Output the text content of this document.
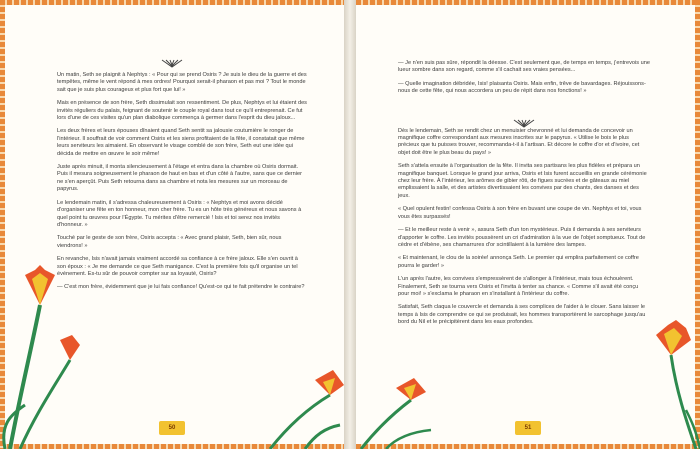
Un matin, Seth se plaignit à Nephtys : « Pour qui se prend Osiris ? Je suis le dieu de la guerre et des tempêtes, même le vent répond à mes ordres! Pourquoi serait-il pharaon et pas moi ? Tout le monde sait que je suis plus courageux et plus fort que lui! »

Mais en présence de son frère, Seth dissimulait son ressentiment. De plus, Nephtys et lui étaient des invités réguliers du palais, feignant de soutenir le couple royal dans tout ce qu'il entreprenait. Ce fut lors d'une de ces visites qu'un plan diabolique commença à germer dans l'esprit du dieu jaloux...

Les deux frères et leurs épouses dînaient quand Seth sentit sa jalousie coutumière le ronger de l'intérieur. Il souffrait de voir comment Osiris et les siens profitaient de la fête, il constatait que même leurs serviteurs les aimaient. En observant le visage comblé de son frère, Seth eut une idée qui décida de mettre en œuvre le soir même!

Juste après minuit, il monta silencieusement à l'étage et entra dans la chambre où Osiris dormait. Puis il mesura soigneusement le pharaon de haut en bas et d'un côté à l'autre, sans que ce dernier ne s'en aperçût. Puis Seth retourna dans sa chambre et nota les mesures sur un morceau de papyrus.

Le lendemain matin, il s'adressa chaleureusement à Osiris : « Nephtys et moi avons décidé d'organiser une fête en ton honneur, mon cher frère. Tu es un hôte très généreux et nous savons à quel point tu œuvres pour l'Égypte. Tu mérites d'être remercié ! Isis et toi serez nos invités d'honneur. »

Touché par le geste de son frère, Osiris accepta : « Avec grand plaisir, Seth, bien sûr, nous viendrons! »

En revanche, Isis n'avait jamais vraiment accordé sa confiance à ce frère jaloux. Elle s'en ouvrit à son époux : « Je me demande ce que Seth manigance. C'est la première fois qu'il organise un tel événement. Es-tu sûr de pouvoir compter sur sa loyauté, Osiris?

— C'est mon frère, évidemment que je lui fais confiance! Qu'est-ce qui te fait prétendre le contraire?

50

— Je n'en suis pas sûre, répondit la déesse. C'est seulement que, de temps en temps, j'entrevois une lueur sombre dans son regard, comme s'il cachait ses vraies pensées...

— Quelle imagination débridée, Isis! plaisanta Osiris. Mais enfin, trêve de bavardages. Réjouissons-nous de cette fête, qui nous accordera un peu de répit dans nos fonctions! »

Dès le lendemain, Seth se rendit chez un menuisier chevronné et lui demanda de concevoir un magnifique coffre correspondant aux mesures inscrites sur le papyrus. « Utilise le bois le plus précieux que tu puisses trouver, recommanda-t-il à l'artisan. Et décore le coffre d'or et d'ivoire, cet objet doit être le plus beau du pays! »

Seth s'attela ensuite à l'organisation de la fête. Il invita ses partisans les plus fidèles et prépara un magnifique banquet. Lorsque le grand jour arriva, Osiris et Isis furent accueillis en grande cérémonie chez leur frère. À l'intérieur, les arômes de gibier rôti, de figues sucrées et de gâteaux au miel emplissaient la salle, et des artistes divertissaient les convives par des chants, des danses et des jeux.

« Quel opulent festin! confessa Osiris à son frère en buvant une coupe de vin. Nephtys et toi, vous vous êtes surpassés!

— Et le meilleur reste à venir », assura Seth d'un ton mystérieux. Puis il demanda à ses serviteurs d'apporter le coffre. Les invités poussèrent un cri d'admiration à la vue de l'objet somptueux. Tout de cèdre et d'ébène, ses chamarrures d'or scintillaient à la lumière des lampes.

« Et maintenant, le clou de la soirée! annonça Seth. Le premier qui emplira parfaitement ce coffre pourra le garder! »

L'un après l'autre, les convives s'empressèrent de s'allonger à l'intérieur, mais tous échouèrent. Finalement, Seth se tourna vers Osiris et l'invita à tenter sa chance. « Comme s'il avait été conçu pour moi! » s'exclama le pharaon en s'installant à l'intérieur du coffre.

Satisfait, Seth claqua le couvercle et demanda à ses complices de l'aider à le clouer. Sans laisser le temps à Isis de comprendre ce qui se produisait, les hommes transportèrent le sarcophage jusqu'au bord du Nil et le précipitèrent dans les eaux profondes.

51
